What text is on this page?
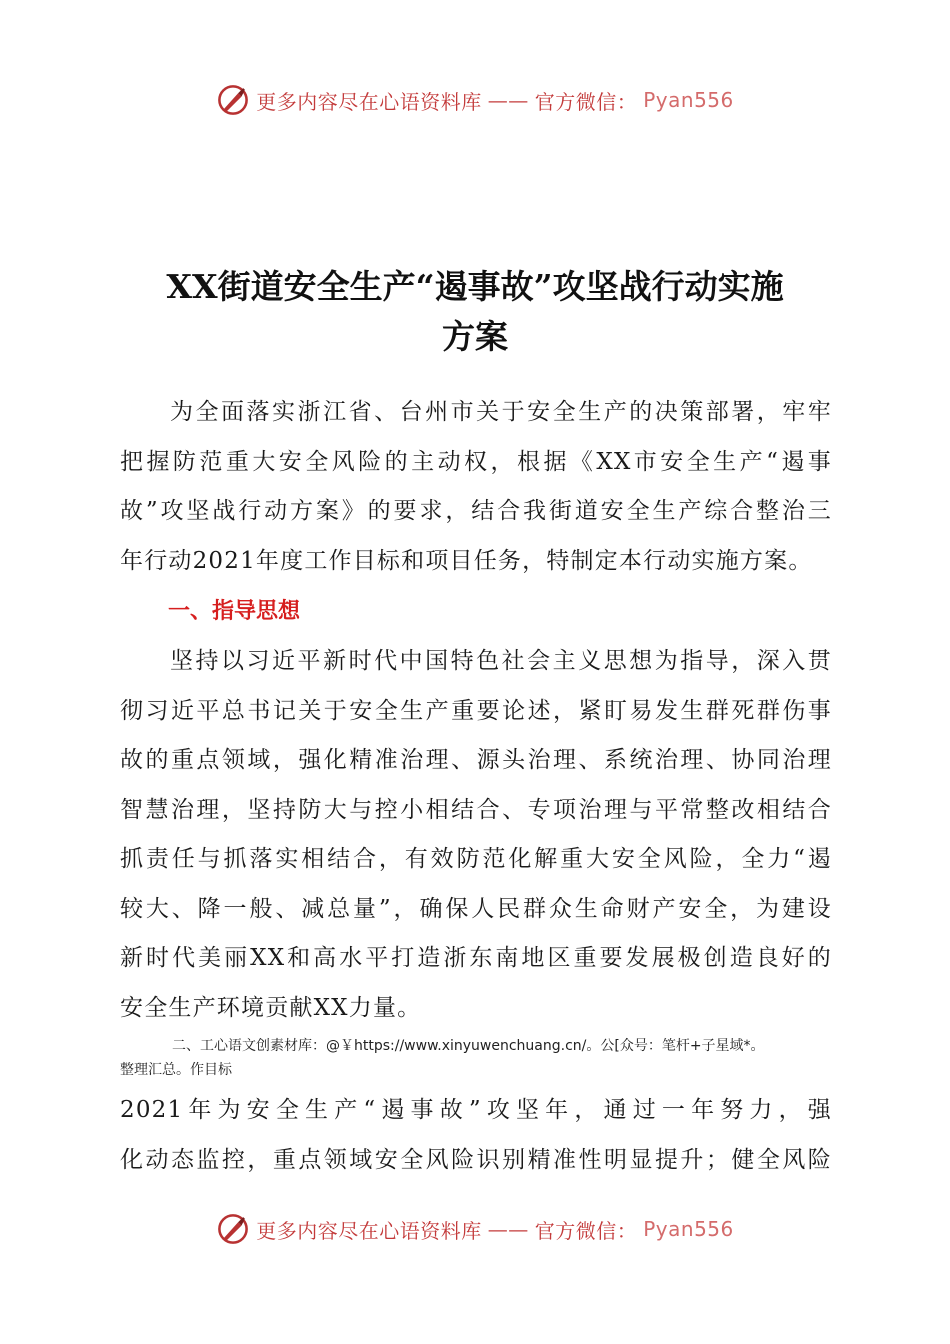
更多内容尽在心语资料库 —— 官方微信： Pyan556
XX街道安全生产“遏事故”攻坚战行动实施
方案
为全面落实浙江省、台州市关于安全生产的决策部署，牢牢
把握防范重大安全风险的主动权，根据《XX市安全生产“遏事
故”攻坚战行动方案》的要求，结合我街道安全生产综合整治三
年行动2021年度工作目标和项目任务，特制定本行动实施方案。
一、指导思想
坚持以习近平新时代中国特色社会主义思想为指导，深入贯
彻习近平总书记关于安全生产重要论述，紧盯易发生群死群伤事
故的重点领域，强化精准治理、源头治理、系统治理、协同治理
智慧治理，坚持防大与控小相结合、专项治理与平常整改相结合
抓责任与抓落实相结合，有效防范化解重大安全风险，全力“遏
较大、降一般、减总量”，确保人民群众生命财产安全，为建设
新时代美丽XX和高水平打造浙东南地区重要发展极创造良好的
安全生产环境贡献XX力量。
二、工心语文创素材库：@￥https://www.xinyuwenchuang.cn/。公[众号：笔杆+子星域*。
整理汇总。作目标
2021年为安全生产“遏事故”攻坚年，通过一年努力，强
化动态监控，重点领域安全风险识别精准性明显提升；健全风险
更多内容尽在心语资料库 —— 官方微信： Pyan556
